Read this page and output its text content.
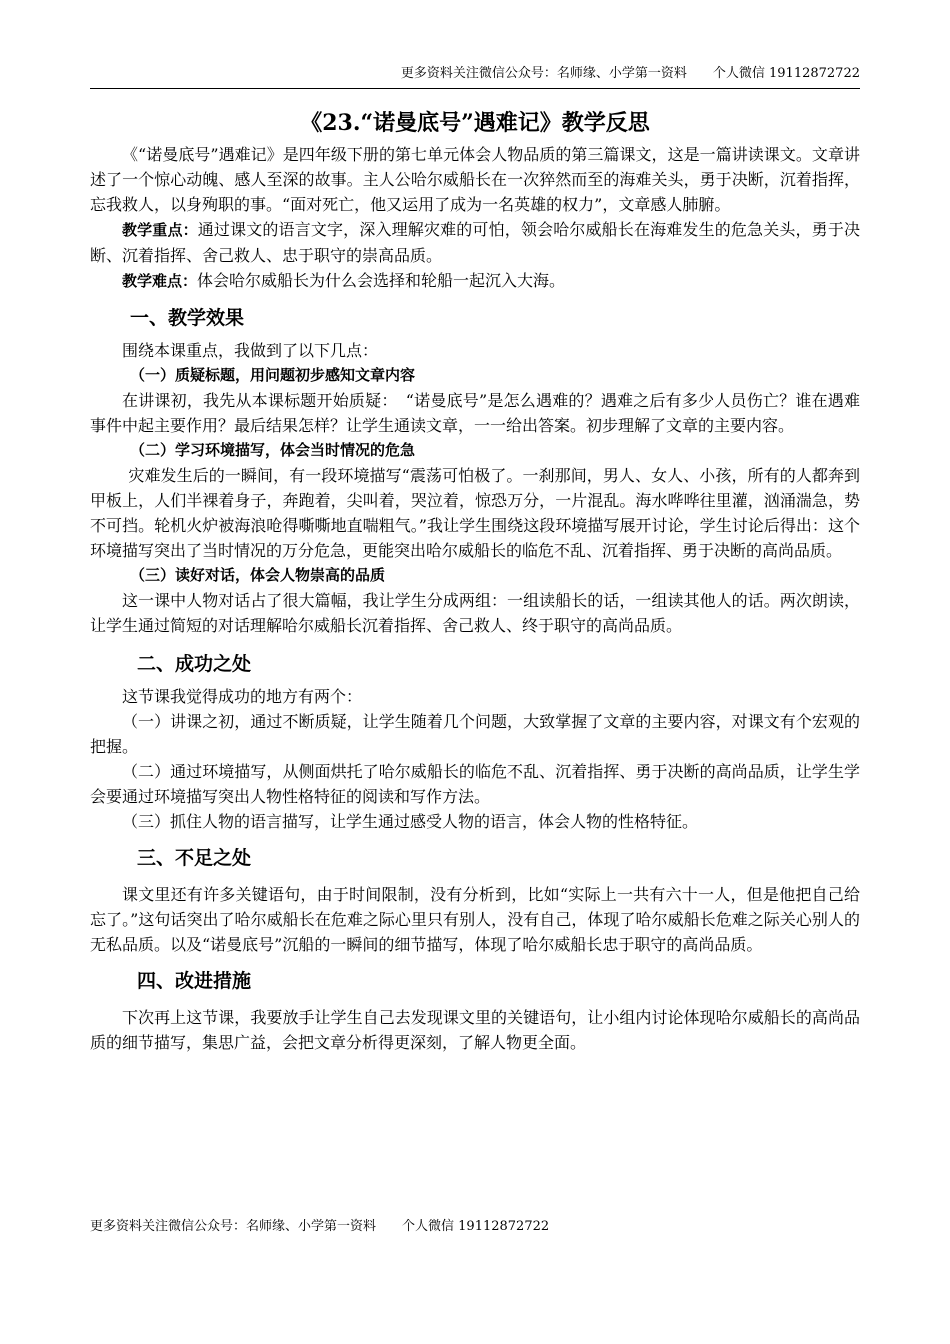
更多资料关注微信公众号：名师缘、小学第一资料 个人微信 19112872722
《23.“诺曼底号”遇难记》教学反思

《“诺曼底号”遇难记》是四年级下册的第七单元体会人物品质的第三篇课文，这是一篇讲读课文。文章讲述了一个惊心动魄、感人至深的故事。主人公哈尔威船长在一次猝然而至的海难关头，勇于决断，沉着指挥，忘我救人，以身殉职的事。“面对死亡，他又运用了成为一名英雄的权力”，文章感人肺腑。

教学重点：通过课文的语言文字，深入理解灾难的可怕，领会哈尔威船长在海难发生的危急关头，勇于决断、沉着指挥、舍己救人、忠于职守的崇高品质。

教学难点：体会哈尔威船长为什么会选择和轮船一起沉入大海。

一、教学效果

围绕本课重点，我做到了以下几点：

（一）质疑标题，用问题初步感知文章内容

在讲课初，我先从本课标题开始质疑：　“诺曼底号”是怎么遇难的？遇难之后有多少人员伤亡？谁在遇难事件中起主要作用？最后结果怎样？让学生通读文章，一一给出答案。初步理解了文章的主要内容。

（二）学习环境描写，体会当时情况的危急

灾难发生后的一瞬间，有一段环境描写“震荡可怕极了。一刹那间，男人、女人、小孩，所有的人都奔到甲板上，人们半裸着身子，奔跑着，尖叫着，哭泣着，惊恐万分，一片混乱。海水哗哗往里灌，汹涌湍急，势不可挡。轮机火炉被海浪呛得嘶嘶地直喘粗气。”我让学生围绕这段环境描写展开讨论，学生讨论后得出：这个环境描写突出了当时情况的万分危急，更能突出哈尔威船长的临危不乱、沉着指挥、勇于决断的高尚品质。

（三）读好对话，体会人物崇高的品质

这一课中人物对话占了很大篇幅，我让学生分成两组：一组读船长的话，一组读其他人的话。两次朗读，让学生通过简短的对话理解哈尔威船长沉着指挥、舍己救人、终于职守的高尚品质。

二、成功之处

这节课我觉得成功的地方有两个：

（一）讲课之初，通过不断质疑，让学生随着几个问题，大致掌握了文章的主要内容，对课文有个宏观的把握。

（二）通过环境描写，从侧面烘托了哈尔威船长的临危不乱、沉着指挥、勇于决断的高尚品质，让学生学会要通过环境描写突出人物性格特征的阅读和写作方法。

（三）抓住人物的语言描写，让学生通过感受人物的语言，体会人物的性格特征。

三、不足之处

课文里还有许多关键语句，由于时间限制，没有分析到，比如“实际上一共有六十一人，但是他把自己给忘了。”这句话突出了哈尔威船长在危难之际心里只有别人，没有自己，体现了哈尔威船长危难之际关心别人的无私品质。以及“诺曼底号”沉船的一瞬间的细节描写，体现了哈尔威船长忠于职守的高尚品质。

四、改进措施

下次再上这节课，我要放手让学生自己去发现课文里的关键语句，让小组内讨论体现哈尔威船长的高尚品质的细节描写，集思广益，会把文章分析得更深刻，了解人物更全面。

更多资料关注微信公众号：名师缘、小学第一资料 个人微信 19112872722
